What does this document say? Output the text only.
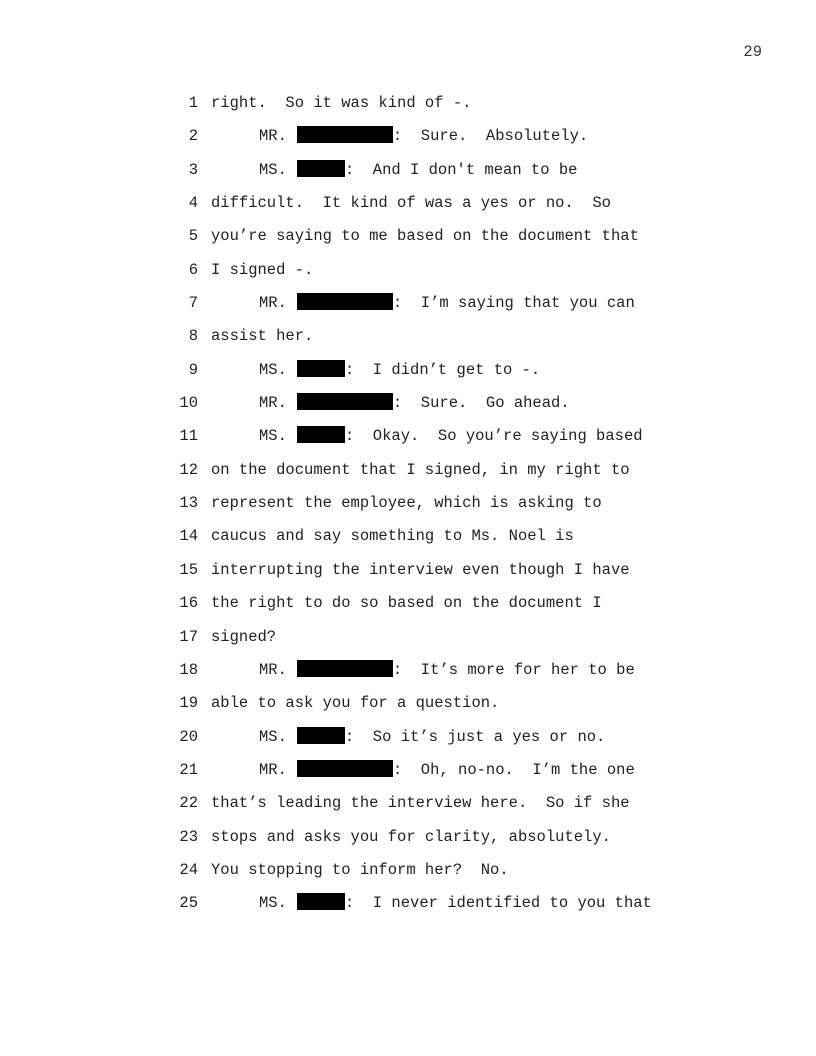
29
1 right.  So it was kind of -.
2	MR.	:  Sure.  Absolutely.
3	MS.	:  And I don't mean to be
4 difficult.  It kind of was a yes or no.  So
5 you’re saying to me based on the document that
6 I signed -.
7	MR.	:  I’m saying that you can
8 assist her.
9	MS.	:  I didn’t get to -.
10	MR.	:  Sure.  Go ahead.
11	MS.	:  Okay.  So you’re saying based
12 on the document that I signed, in my right to
13 represent the employee, which is asking to
14 caucus and say something to Ms. Noel is
15 interrupting the interview even though I have
16 the right to do so based on the document I
17 signed?
18	MR.	:  It’s more for her to be
19 able to ask you for a question.
20	MS.	:  So it’s just a yes or no.
21	MR.	:  Oh, no-no.  I’m the one
22 that’s leading the interview here.  So if she
23 stops and asks you for clarity, absolutely.
24 You stopping to inform her?  No.
25	MS.	:  I never identified to you that
